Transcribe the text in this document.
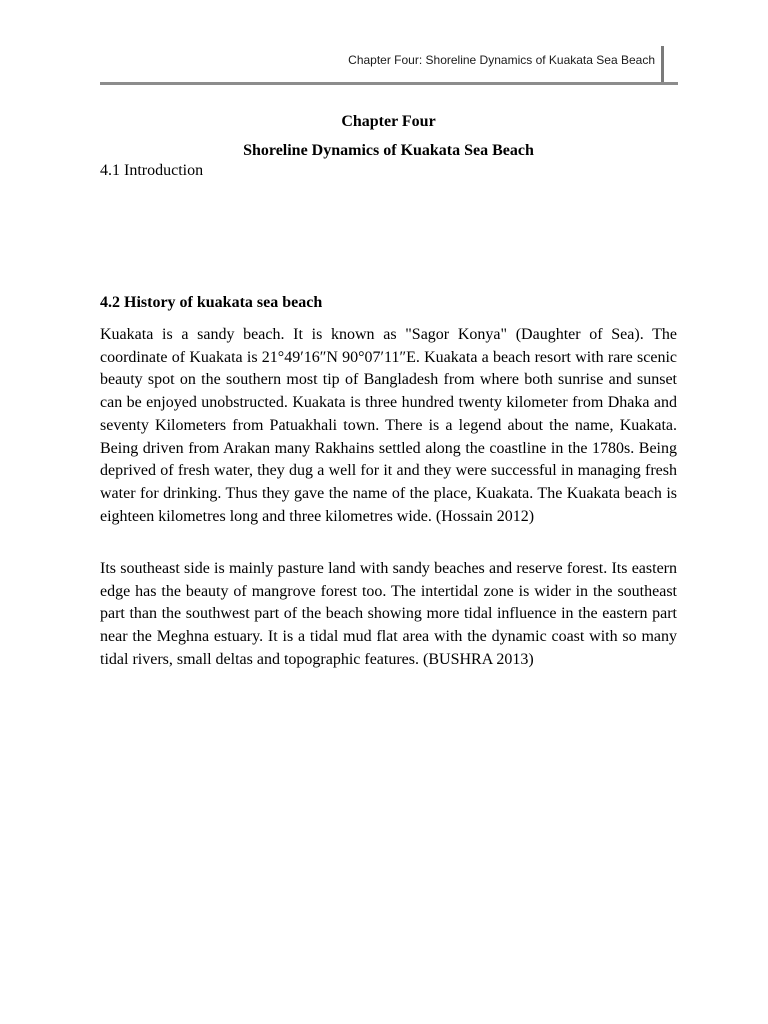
Chapter Four: Shoreline Dynamics of Kuakata Sea Beach
Chapter Four
Shoreline Dynamics of Kuakata Sea Beach
4.1 Introduction
4.2 History of kuakata sea beach

Kuakata is a sandy beach. It is known as "Sagor Konya" (Daughter of Sea). The coordinate of Kuakata is 21°49′16″N 90°07′11″E. Kuakata a beach resort with rare scenic beauty spot on the southern most tip of Bangladesh from where both sunrise and sunset can be enjoyed unobstructed. Kuakata is three hundred twenty kilometer from Dhaka and seventy Kilometers from Patuakhali town. There is a legend about the name, Kuakata. Being driven from Arakan many Rakhains settled along the coastline in the 1780s. Being deprived of fresh water, they dug a well for it and they were successful in managing fresh water for drinking. Thus they gave the name of the place, Kuakata. The Kuakata beach is eighteen kilometres long and three kilometres wide. (Hossain 2012)

Its southeast side is mainly pasture land with sandy beaches and reserve forest. Its eastern edge has the beauty of mangrove forest too. The intertidal zone is wider in the southeast part than the southwest part of the beach showing more tidal influence in the eastern part near the Meghna estuary. It is a tidal mud flat area with the dynamic coast with so many tidal rivers, small deltas and topographic features. (BUSHRA 2013)
